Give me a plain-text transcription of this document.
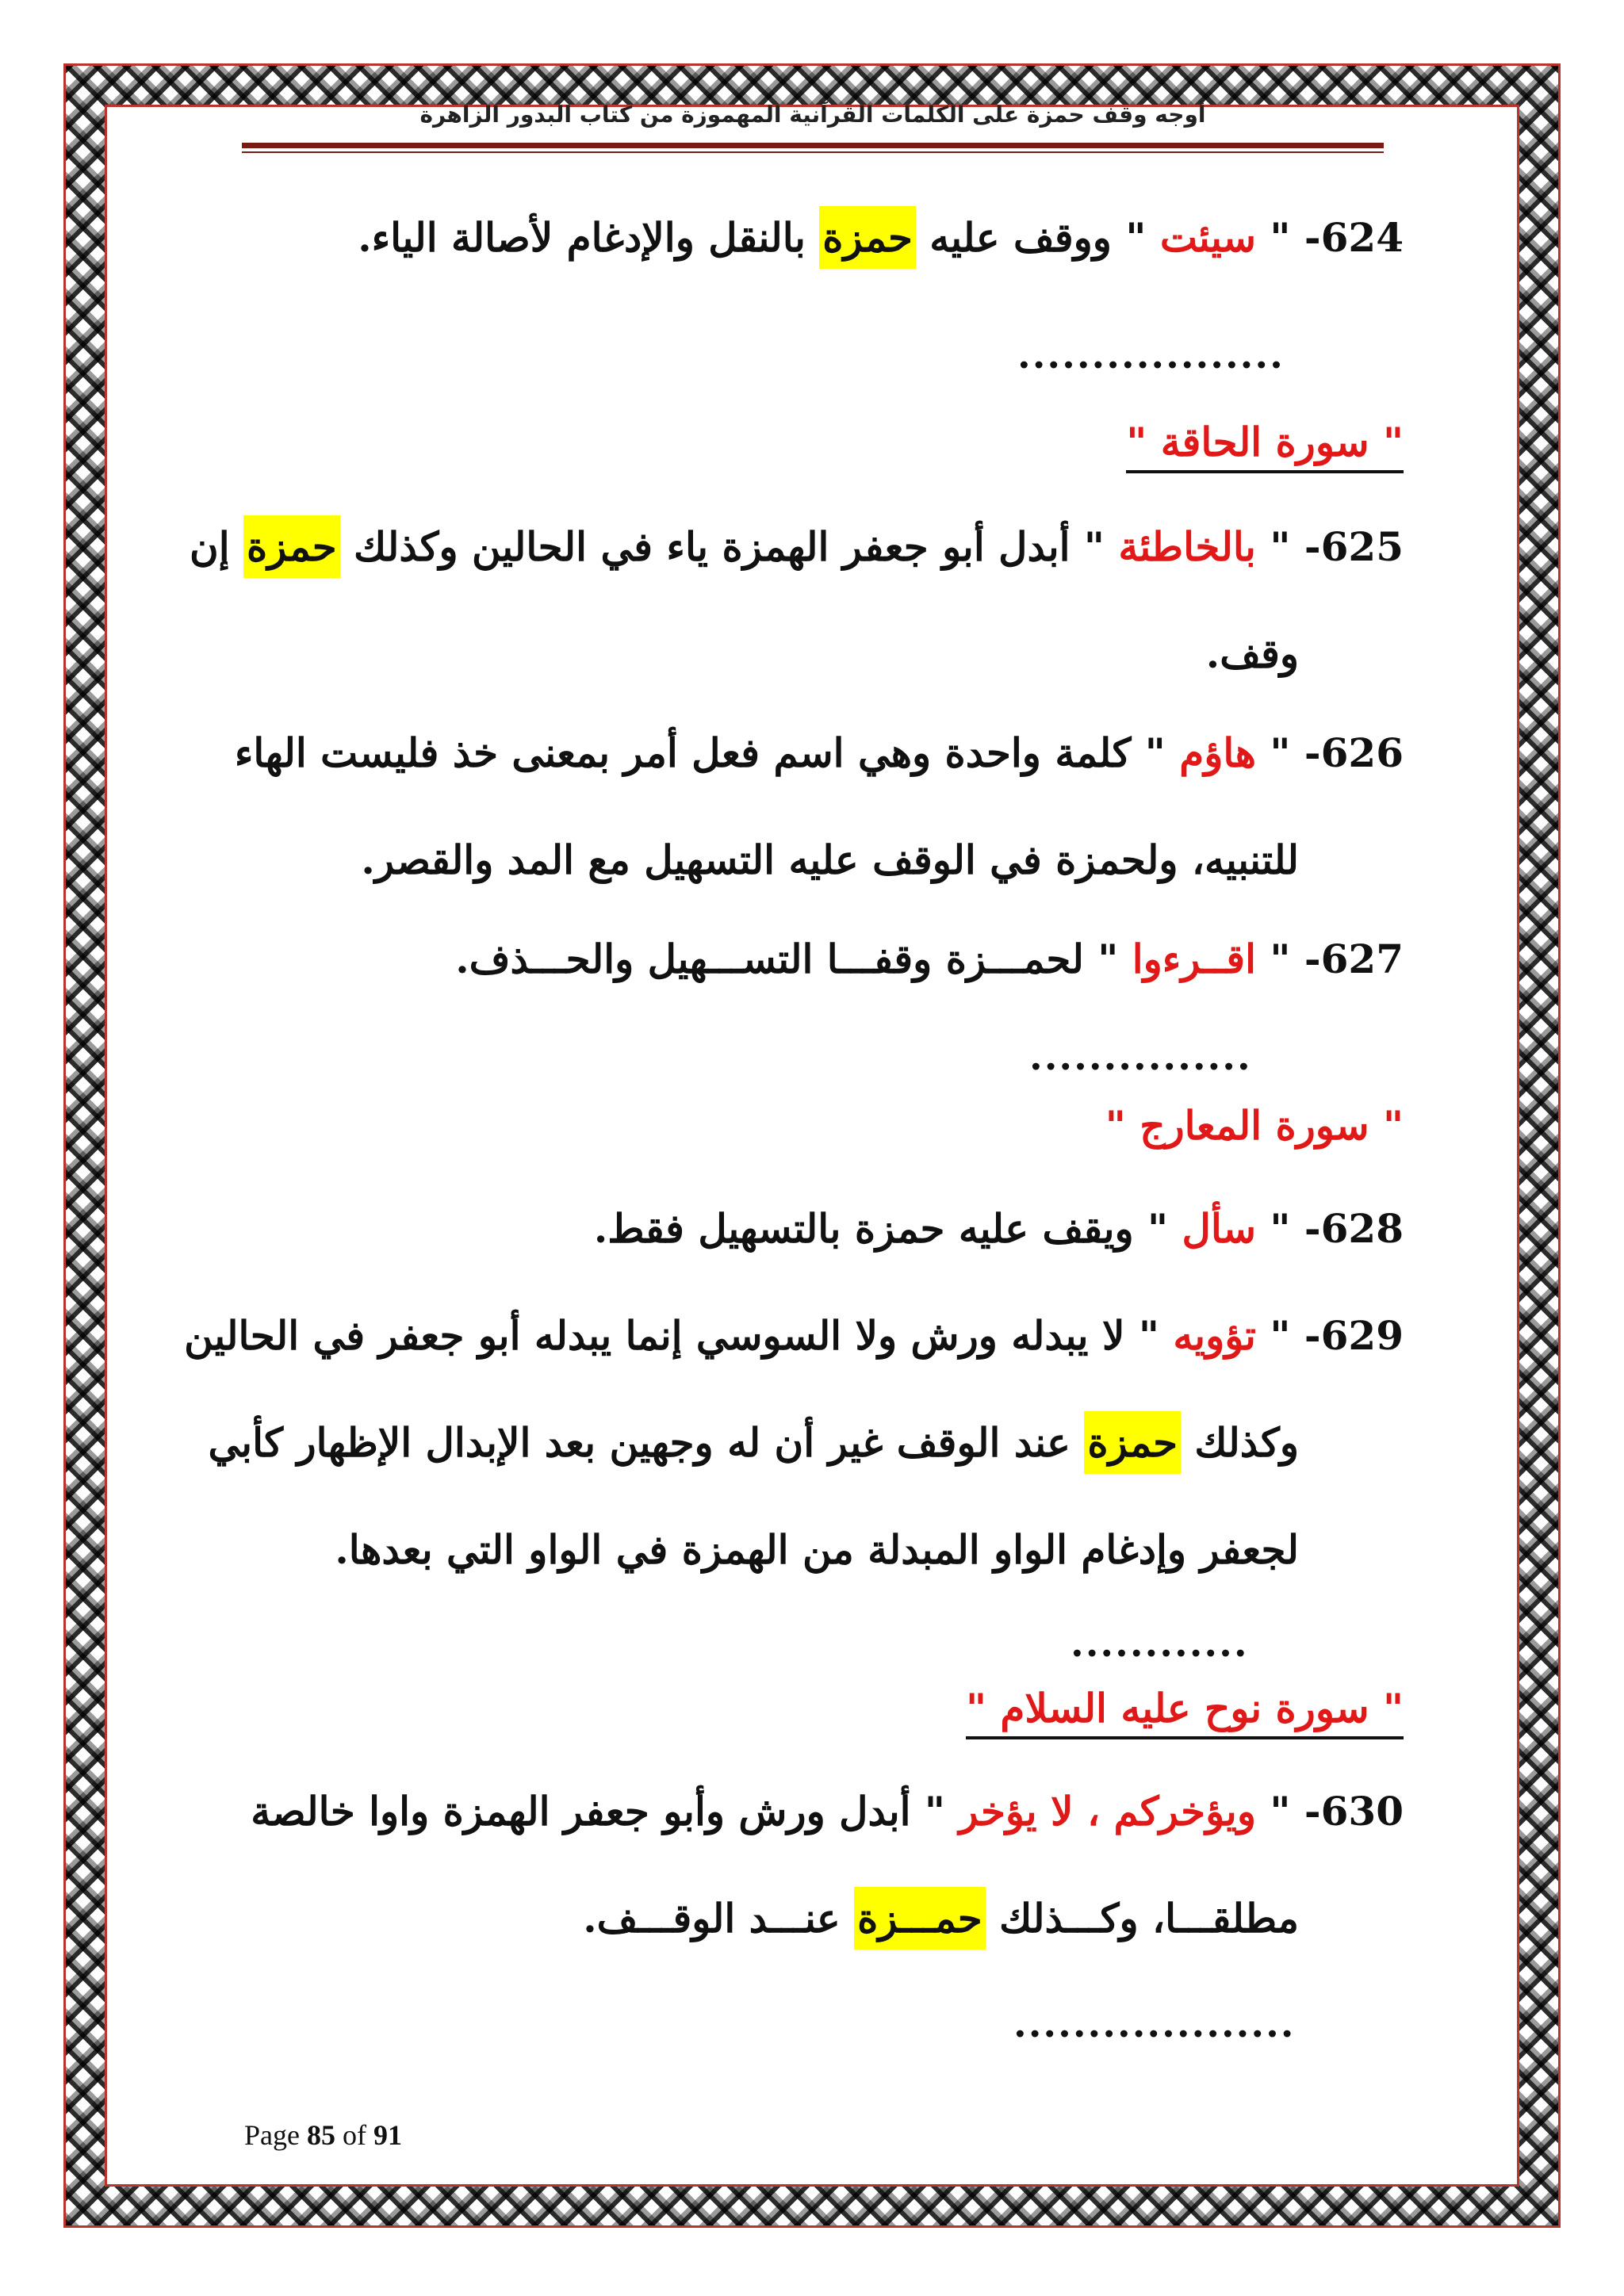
أوجه وقف حمزة على الكلمات القرآنية المهموزة من كتاب البدور الزاهرة
624- " سيئت " ووقف عليه حمزة بالنقل والإدغام لأصالة الياء.
..................
" سورة الحاقة "
625- " بالخاطئة " أبدل أبو جعفر الهمزة ياء في الحالين وكذلك حمزة إن
وقف.
626- " هاؤم " كلمة واحدة وهي اسم فعل أمر بمعنى خذ فليست الهاء
للتنبيه، ولحمزة في الوقف عليه التسهيل مع المد والقصر.
627- " اقــرءوا " لحمـــزة وقفـــا التســـهيل والحـــذف.
...............
" سورة المعارج "
628- " سأل " ويقف عليه حمزة بالتسهيل فقط.
629- " تؤويه " لا يبدله ورش ولا السوسي إنما يبدله أبو جعفر في الحالين
وكذلك حمزة عند الوقف غير أن له وجهين بعد الإبدال الإظهار كأبي
لجعفر وإدغام الواو المبدلة من الهمزة في الواو التي بعدها.
............
" سورة نوح عليه السلام "
630- " ويؤخركم ، لا يؤخر " أبدل ورش وأبو جعفر الهمزة واوا خالصة
مطلقـــا، وكـــذلك حمـــزة عنـــد الوقـــف.
...................
Page 85 of 91
